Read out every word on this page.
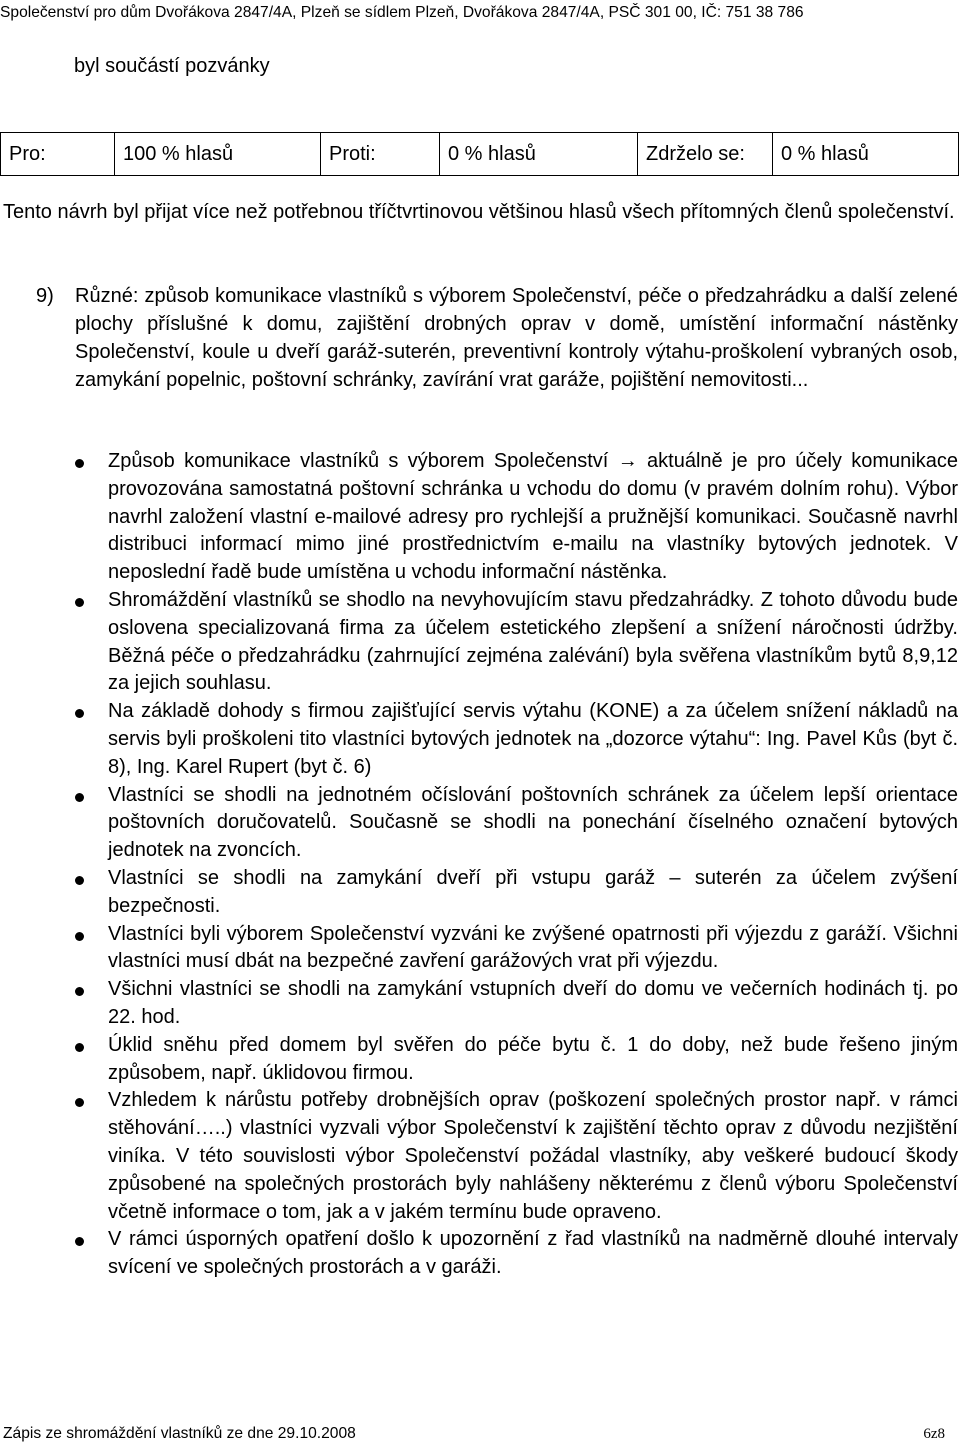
Společenství pro dům Dvořákova 2847/4A, Plzeň se sídlem Plzeň, Dvořákova 2847/4A, PSČ 301 00, IČ: 751 38 786
byl součástí pozvánky
Pro:	100 % hlasů	Proti:	0 % hlasů	Zdrželo se:	0 % hlasů
Tento návrh byl přijat více než potřebnou tříčtvrtinovou většinou hlasů všech přítomných členů společenství.
9) Různé: způsob komunikace vlastníků s výborem Společenství, péče o předzahrádku a další zelené plochy příslušné k domu, zajištění drobných oprav v domě, umístění informační nástěnky Společenství, koule u dveří garáž-suterén, preventivní kontroly výtahu-proškolení vybraných osob, zamykání popelnic, poštovní schránky, zavírání vrat garáže, pojištění nemovitosti...
Způsob komunikace vlastníků s výborem Společenství → aktuálně je pro účely komunikace provozována samostatná poštovní schránka u vchodu do domu (v pravém dolním rohu). Výbor navrhl založení vlastní e-mailové adresy pro rychlejší a pružnější komunikaci. Současně navrhl distribuci informací mimo jiné prostřednictvím e-mailu na vlastníky bytových jednotek. V neposlední řadě bude umístěna u vchodu informační nástěnka.
Shromáždění vlastníků se shodlo na nevyhovujícím stavu předzahrádky. Z tohoto důvodu bude oslovena specializovaná firma za účelem estetického zlepšení a snížení náročnosti údržby. Běžná péče o předzahrádku (zahrnující zejména zalévání) byla svěřena vlastníkům bytů 8,9,12 za jejich souhlasu.
Na základě dohody s firmou zajišťující servis výtahu (KONE) a za účelem snížení nákladů na servis byli proškoleni tito vlastníci bytových jednotek na „dozorce výtahu“: Ing. Pavel Kůs (byt č. 8), Ing. Karel Rupert (byt č. 6)
Vlastníci se shodli na jednotném očíslování poštovních schránek za účelem lepší orientace poštovních doručovatelů. Současně se shodli na ponechání číselného označení bytových jednotek na zvoncích.
Vlastníci se shodli na zamykání dveří při vstupu garáž – suterén za účelem zvýšení bezpečnosti.
Vlastníci byli výborem Společenství vyzváni ke zvýšené opatrnosti při výjezdu z garáží. Všichni vlastníci musí dbát na bezpečné zavření garážových vrat při výjezdu.
Všichni vlastníci se shodli na zamykání vstupních dveří do domu ve večerních hodinách tj. po 22. hod.
Úklid sněhu před domem byl svěřen do péče bytu č. 1 do doby, než bude řešeno jiným způsobem, např. úklidovou firmou.
Vzhledem k nárůstu potřeby drobnějších oprav (poškození společných prostor např. v rámci stěhování…..) vlastníci vyzvali výbor Společenství k zajištění těchto oprav z důvodu nezjištění viníka. V této souvislosti výbor Společenství požádal vlastníky, aby veškeré budoucí škody způsobené na společných prostorách byly nahlášeny některému z členů výboru Společenství včetně informace o tom, jak a v jakém termínu bude opraveno.
V rámci úsporných opatření došlo k upozornění z řad vlastníků na nadměrně dlouhé intervaly svícení ve společných prostorách a v garáži.
Zápis ze shromáždění vlastníků ze dne 29.10.2008	6z8
